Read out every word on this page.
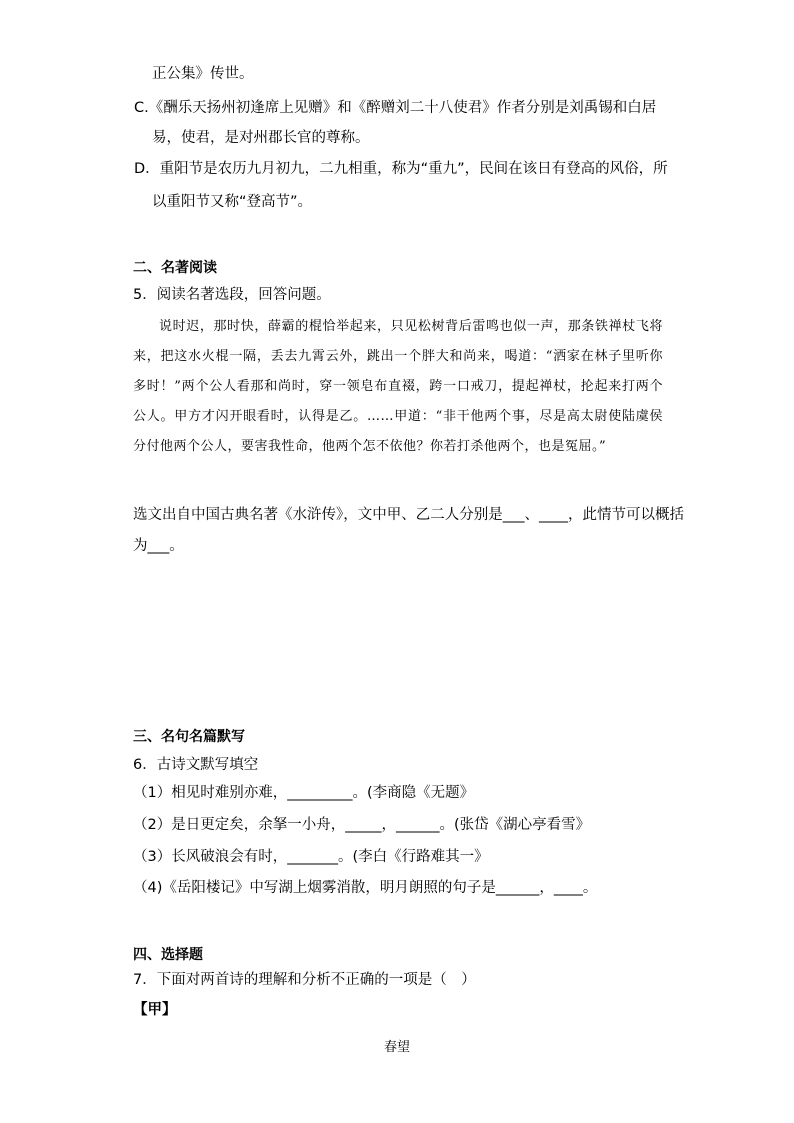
正公集》传世。
C.《酬乐天扬州初逢席上见赠》和《醉赠刘二十八使君》作者分别是刘禹锡和白居
易，使君，是对州郡长官的尊称。
D．重阳节是农历九月初九，二九相重，称为“重九”，民间在该日有登高的风俗，所
以重阳节又称“登高节”。
二、名著阅读
5．阅读名著选段，回答问题。
说时迟，那时快，薛霸的棍恰举起来，只见松树背后雷鸣也似一声，那条铁禅杖飞将来，把这水火棍一隔，丢去九霄云外，跳出一个胖大和尚来，喝道：“洒家在林子里听你多时！”两个公人看那和尚时，穿一领皂布直裰，跨一口戒刀，提起禅杖，抡起来打两个公人。甲方才闪开眼看时，认得是乙。……甲道：“非干他两个事，尽是高太尉使陆虞侯分付他两个公人，要害我性命，他两个怎不依他？你若打杀他两个，也是冤屈。”
选文出自中国古典名著《水浒传》，文中甲、乙二人分别是___、____，此情节可以概括
为___。
三、名句名篇默写
6．古诗文默写填空
（1）相见时难别亦难，_________。(李商隐《无题》
（2）是日更定矣，余拏一小舟，_____，______。(张岱《湖心亭看雪》
（3）长风破浪会有时，_______。(李白《行路难其一》
（4)《岳阳楼记》中写湖上烟雾消散，明月朗照的句子是______，____。
四、选择题
7．下面对两首诗的理解和分析不正确的一项是（　）
【甲】
春望
